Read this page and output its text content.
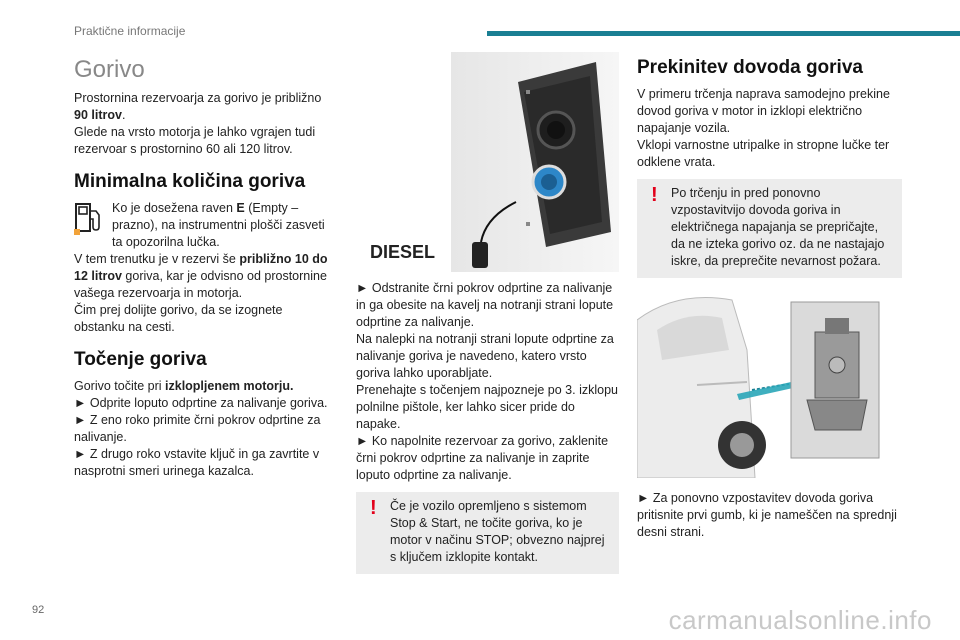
Praktične informacije
Gorivo

Prostornina rezervoarja za gorivo je približno 90 litrov.

Glede na vrsto motorja je lahko vgrajen tudi rezervoar s prostornino 60 ali 120 litrov.

Minimalna količina goriva

Ko je dosežena raven E (Empty – prazno), na instrumentni plošči zasveti ta opozorilna lučka.

V tem trenutku je v rezervi še približno 10 do 12 litrov goriva, kar je odvisno od prostornine vašega rezervoarja in motorja.

Čim prej dolijte gorivo, da se izognete obstanku na cesti.

Točenje goriva

Gorivo točite pri izklopljenem motorju.

► Odprite loputo odprtine za nalivanje goriva.

► Z eno roko primite črni pokrov odprtine za nalivanje.

► Z drugo roko vstavite ključ in ga zavrtite v nasprotni smeri urinega kazalca.

DIESEL

► Odstranite črni pokrov odprtine za nalivanje in ga obesite na kavelj na notranji strani lopute odprtine za nalivanje.

Na nalepki na notranji strani lopute odprtine za nalivanje goriva je navedeno, katero vrsto goriva lahko uporabljate.

Prenehajte s točenjem najpozneje po 3. izklopu polnilne pištole, ker lahko sicer pride do napake.

► Ko napolnite rezervoar za gorivo, zaklenite črni pokrov odprtine za nalivanje in zaprite loputo odprtine za nalivanje.

! Če je vozilo opremljeno s sistemom Stop & Start, ne točite goriva, ko je motor v načinu STOP; obvezno najprej s ključem izklopite kontakt.

Prekinitev dovoda goriva

V primeru trčenja naprava samodejno prekine dovod goriva v motor in izklopi električno napajanje vozila.

Vklopi varnostne utripalke in stropne lučke ter odklene vrata.

! Po trčenju in pred ponovno vzpostavitvijo dovoda goriva in električnega napajanja se prepričajte, da ne izteka gorivo oz. da ne nastajajo iskre, da preprečite nevarnost požara.

► Za ponovno vzpostavitev dovoda goriva pritisnite prvi gumb, ki je nameščen na sprednji desni strani.

92	carmanualsonline.info
